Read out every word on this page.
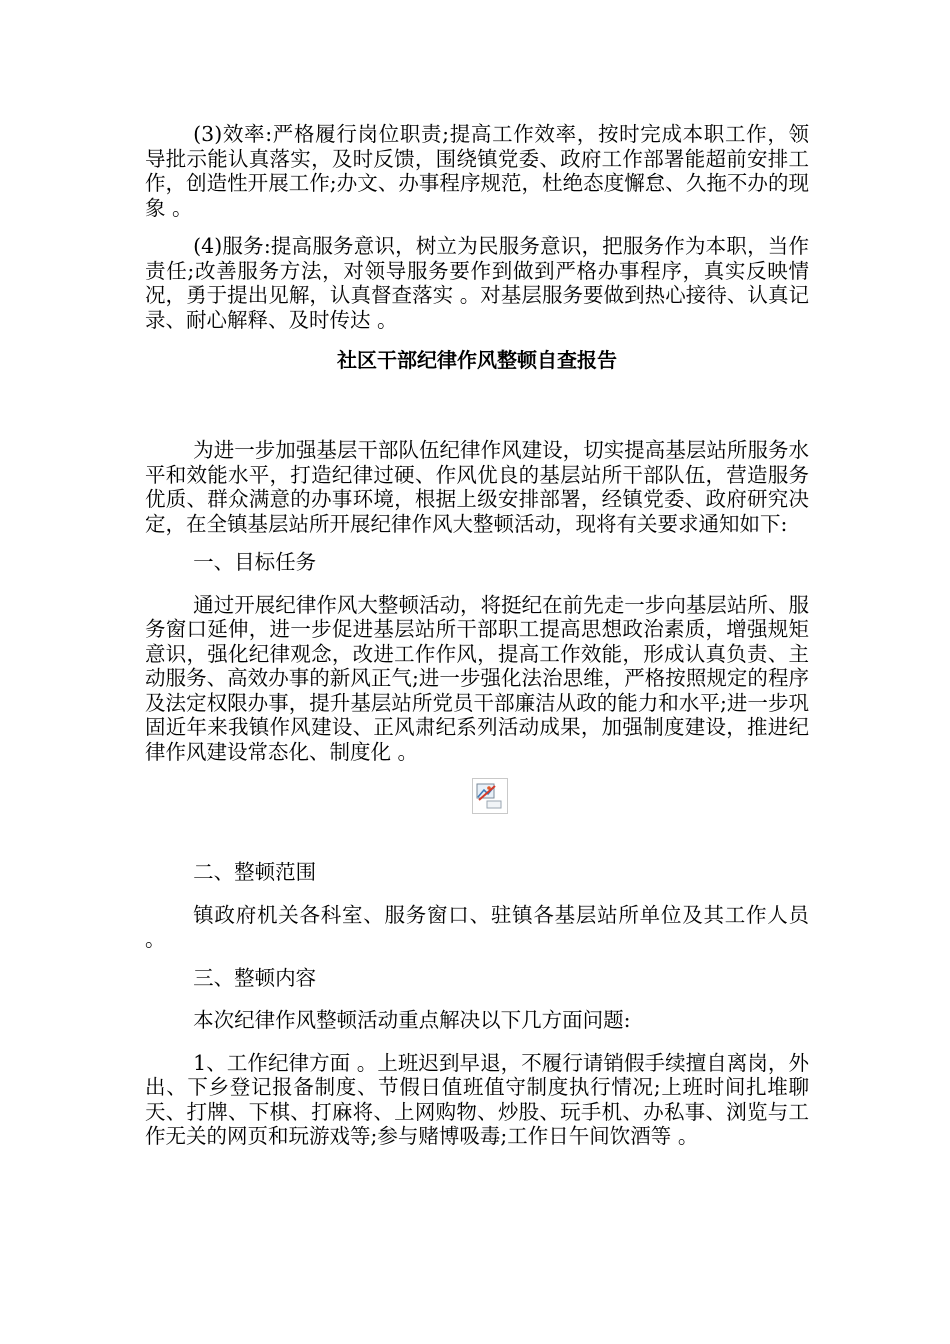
(3)效率:严格履行岗位职责;提高工作效率，按时完成本职工作，领导批示能认真落实，及时反馈，围绕镇党委、政府工作部署能超前安排工作，创造性开展工作;办文、办事程序规范，杜绝态度懈怠、久拖不办的现象 。

(4)服务:提高服务意识，树立为民服务意识，把服务作为本职，当作责任;改善服务方法，对领导服务要作到做到严格办事程序，真实反映情况，勇于提出见解，认真督查落实 。对基层服务要做到热心接待、认真记录、耐心解释、及时传达 。

社区干部纪律作风整顿自查报告

为进一步加强基层干部队伍纪律作风建设，切实提高基层站所服务水平和效能水平，打造纪律过硬、作风优良的基层站所干部队伍，营造服务优质、群众满意的办事环境，根据上级安排部署，经镇党委、政府研究决定，在全镇基层站所开展纪律作风大整顿活动，现将有关要求通知如下:

一、目标任务

通过开展纪律作风大整顿活动，将挺纪在前先走一步向基层站所、服务窗口延伸，进一步促进基层站所干部职工提高思想政治素质，增强规矩意识，强化纪律观念，改进工作作风，提高工作效能，形成认真负责、主动服务、高效办事的新风正气;进一步强化法治思维，严格按照规定的程序及法定权限办事，提升基层站所党员干部廉洁从政的能力和水平;进一步巩固近年来我镇作风建设、正风肃纪系列活动成果，加强制度建设，推进纪律作风建设常态化、制度化 。

二、整顿范围

镇政府机关各科室、服务窗口、驻镇各基层站所单位及其工作人员 。

三、整顿内容

本次纪律作风整顿活动重点解决以下几方面问题:

1、工作纪律方面 。上班迟到早退，不履行请销假手续擅自离岗，外出、下乡登记报备制度、节假日值班值守制度执行情况;上班时间扎堆聊天、打牌、下棋、打麻将、上网购物、炒股、玩手机、办私事、浏览与工作无关的网页和玩游戏等;参与赌博吸毒;工作日午间饮酒等 。
